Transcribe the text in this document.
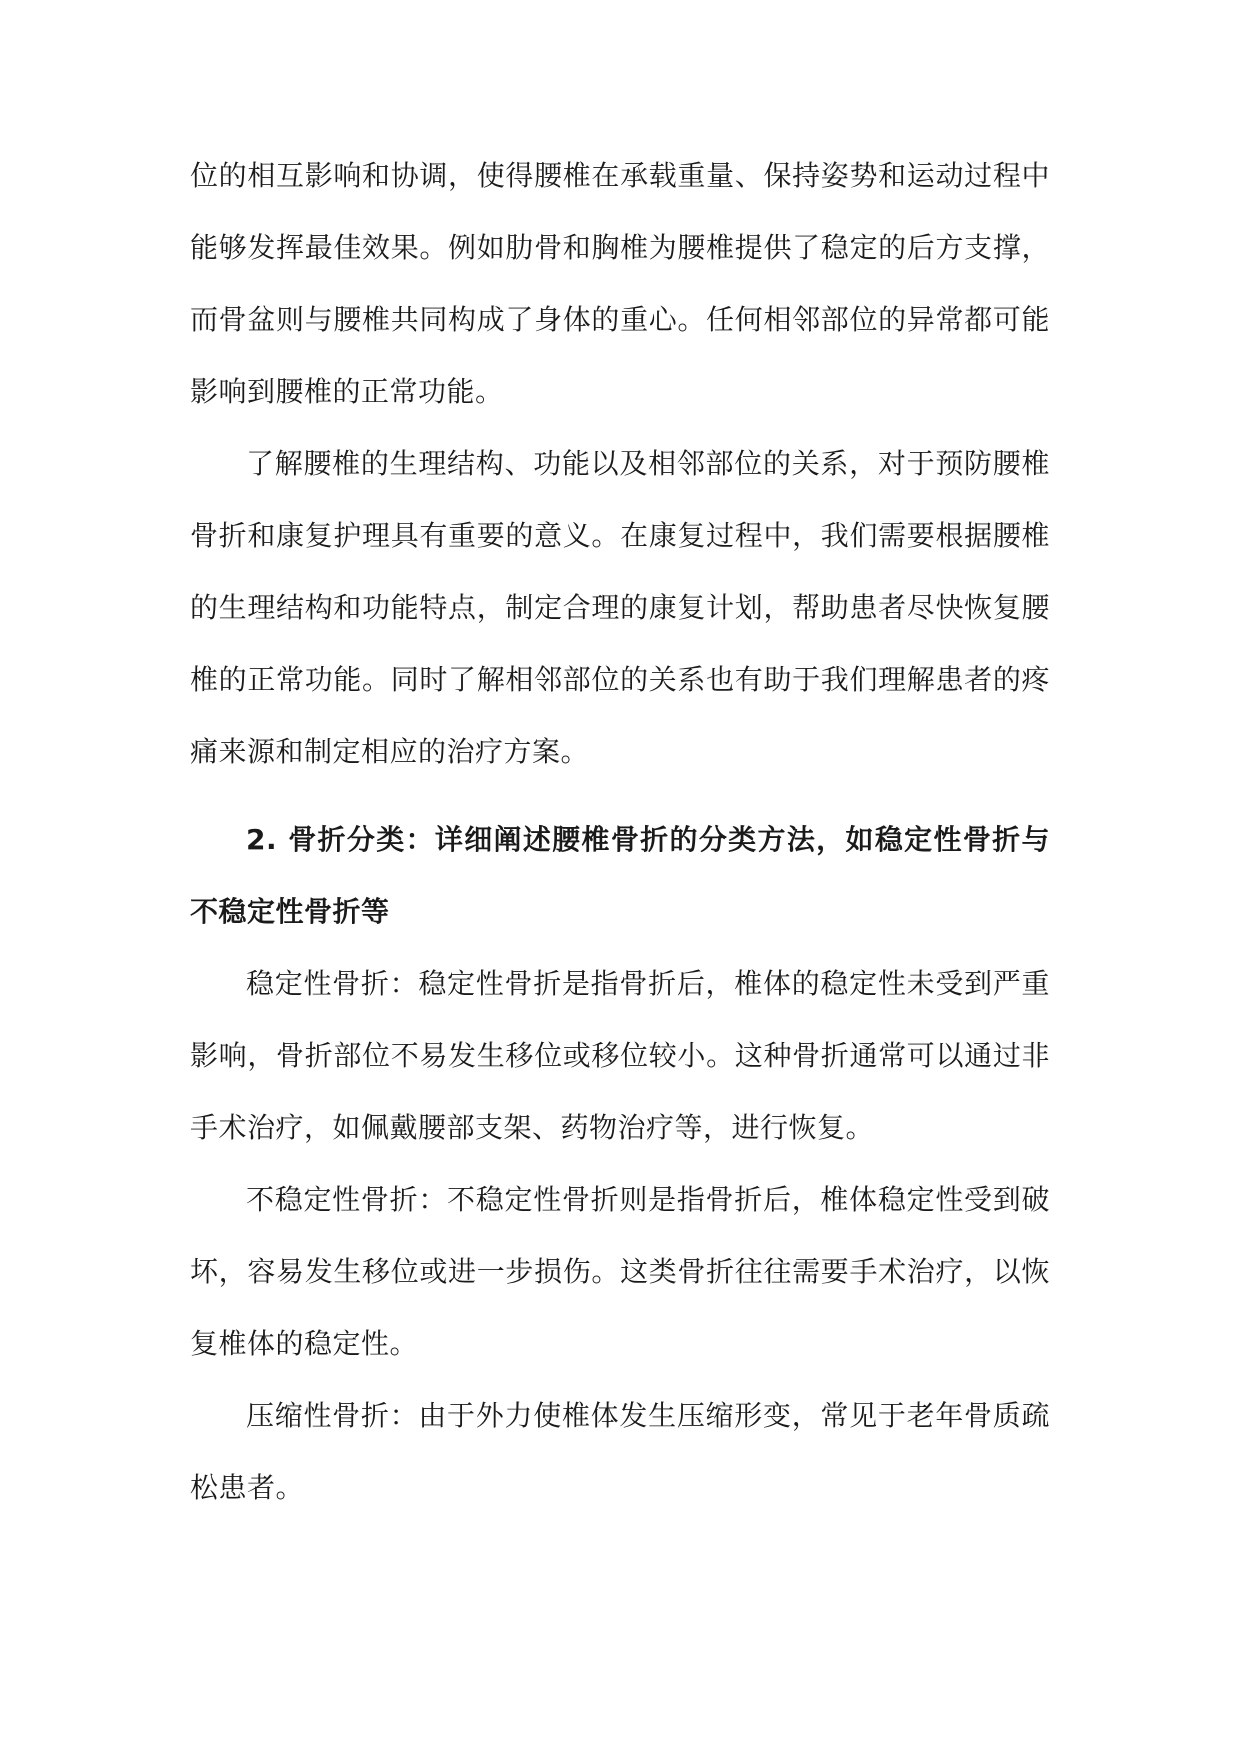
位的相互影响和协调，使得腰椎在承载重量、保持姿势和运动过程中能够发挥最佳效果。例如肋骨和胸椎为腰椎提供了稳定的后方支撑，而骨盆则与腰椎共同构成了身体的重心。任何相邻部位的异常都可能影响到腰椎的正常功能。

了解腰椎的生理结构、功能以及相邻部位的关系，对于预防腰椎骨折和康复护理具有重要的意义。在康复过程中，我们需要根据腰椎的生理结构和功能特点，制定合理的康复计划，帮助患者尽快恢复腰椎的正常功能。同时了解相邻部位的关系也有助于我们理解患者的疼痛来源和制定相应的治疗方案。

2. 骨折分类：详细阐述腰椎骨折的分类方法，如稳定性骨折与不稳定性骨折等

稳定性骨折：稳定性骨折是指骨折后，椎体的稳定性未受到严重影响，骨折部位不易发生移位或移位较小。这种骨折通常可以通过非手术治疗，如佩戴腰部支架、药物治疗等，进行恢复。

不稳定性骨折：不稳定性骨折则是指骨折后，椎体稳定性受到破坏，容易发生移位或进一步损伤。这类骨折往往需要手术治疗，以恢复椎体的稳定性。

压缩性骨折：由于外力使椎体发生压缩形变，常见于老年骨质疏松患者。
